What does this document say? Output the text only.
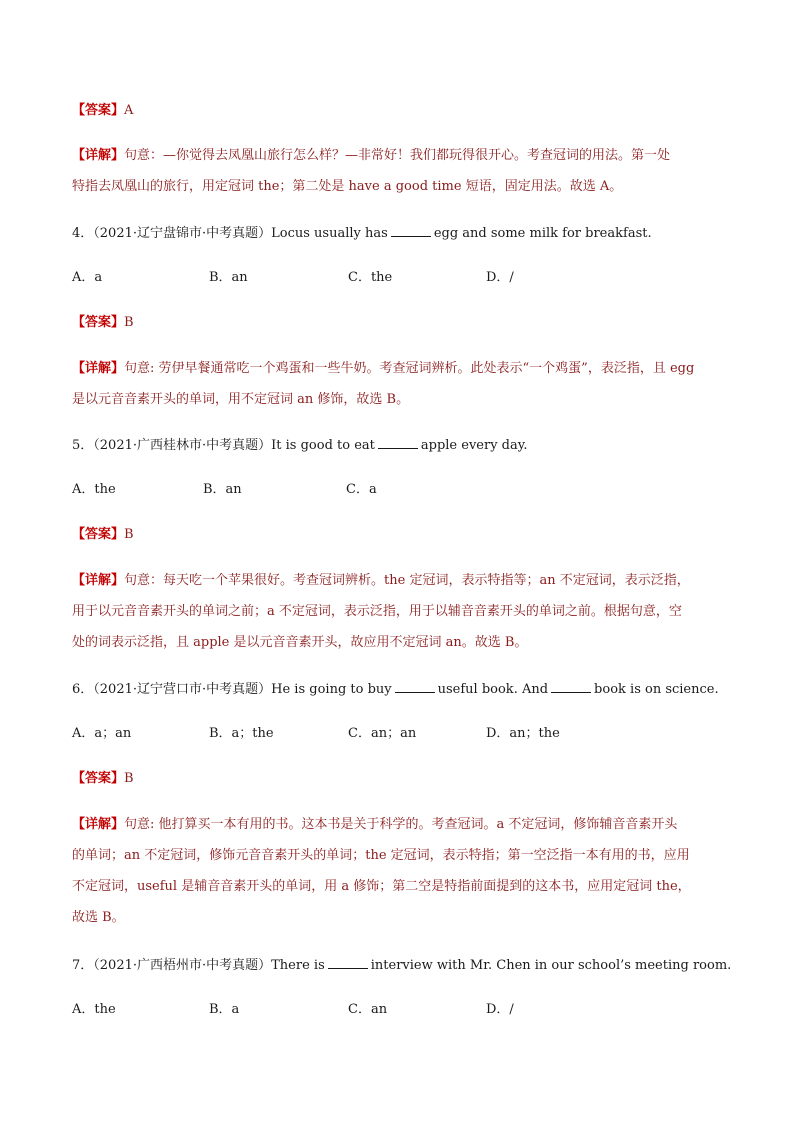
【答案】A
【详解】句意：—你觉得去凤凰山旅行怎么样？—非常好！我们都玩得很开心。考查冠词的用法。第一处
特指去凤凰山的旅行，用定冠词 the；第二处是 have a good time 短语，固定用法。故选 A。
4．（2021·辽宁盘锦市·中考真题）Locus usually has	egg and some milk for breakfast.
A．a	B．an	C．the	D．/
【答案】B
【详解】句意: 劳伊早餐通常吃一个鸡蛋和一些牛奶。考查冠词辨析。此处表示“一个鸡蛋”，表泛指，且 egg
是以元音音素开头的单词，用不定冠词 an 修饰，故选 B。
5．（2021·广西桂林市·中考真题）It is good to eat	apple every day.
A．the	B．an	C．a
【答案】B
【详解】句意：每天吃一个苹果很好。考查冠词辨析。the 定冠词，表示特指等；an 不定冠词，表示泛指，
用于以元音音素开头的单词之前；a 不定冠词，表示泛指，用于以辅音音素开头的单词之前。根据句意，空
处的词表示泛指，且 apple 是以元音音素开头，故应用不定冠词 an。故选 B。
6．（2021·辽宁营口市·中考真题）He is going to buy	useful book. And	book is on science.
A．a；an	B．a；the	C．an；an	D．an；the
【答案】B
【详解】句意: 他打算买一本有用的书。这本书是关于科学的。考查冠词。a 不定冠词，修饰辅音音素开头
的单词；an 不定冠词，修饰元音音素开头的单词；the 定冠词，表示特指；第一空泛指一本有用的书，应用
不定冠词，useful 是辅音音素开头的单词，用 a 修饰；第二空是特指前面提到的这本书，应用定冠词 the，
故选 B。
7．（2021·广西梧州市·中考真题）There is	interview with Mr. Chen in our school’s meeting room.
A．the	B．a	C．an	D．/
